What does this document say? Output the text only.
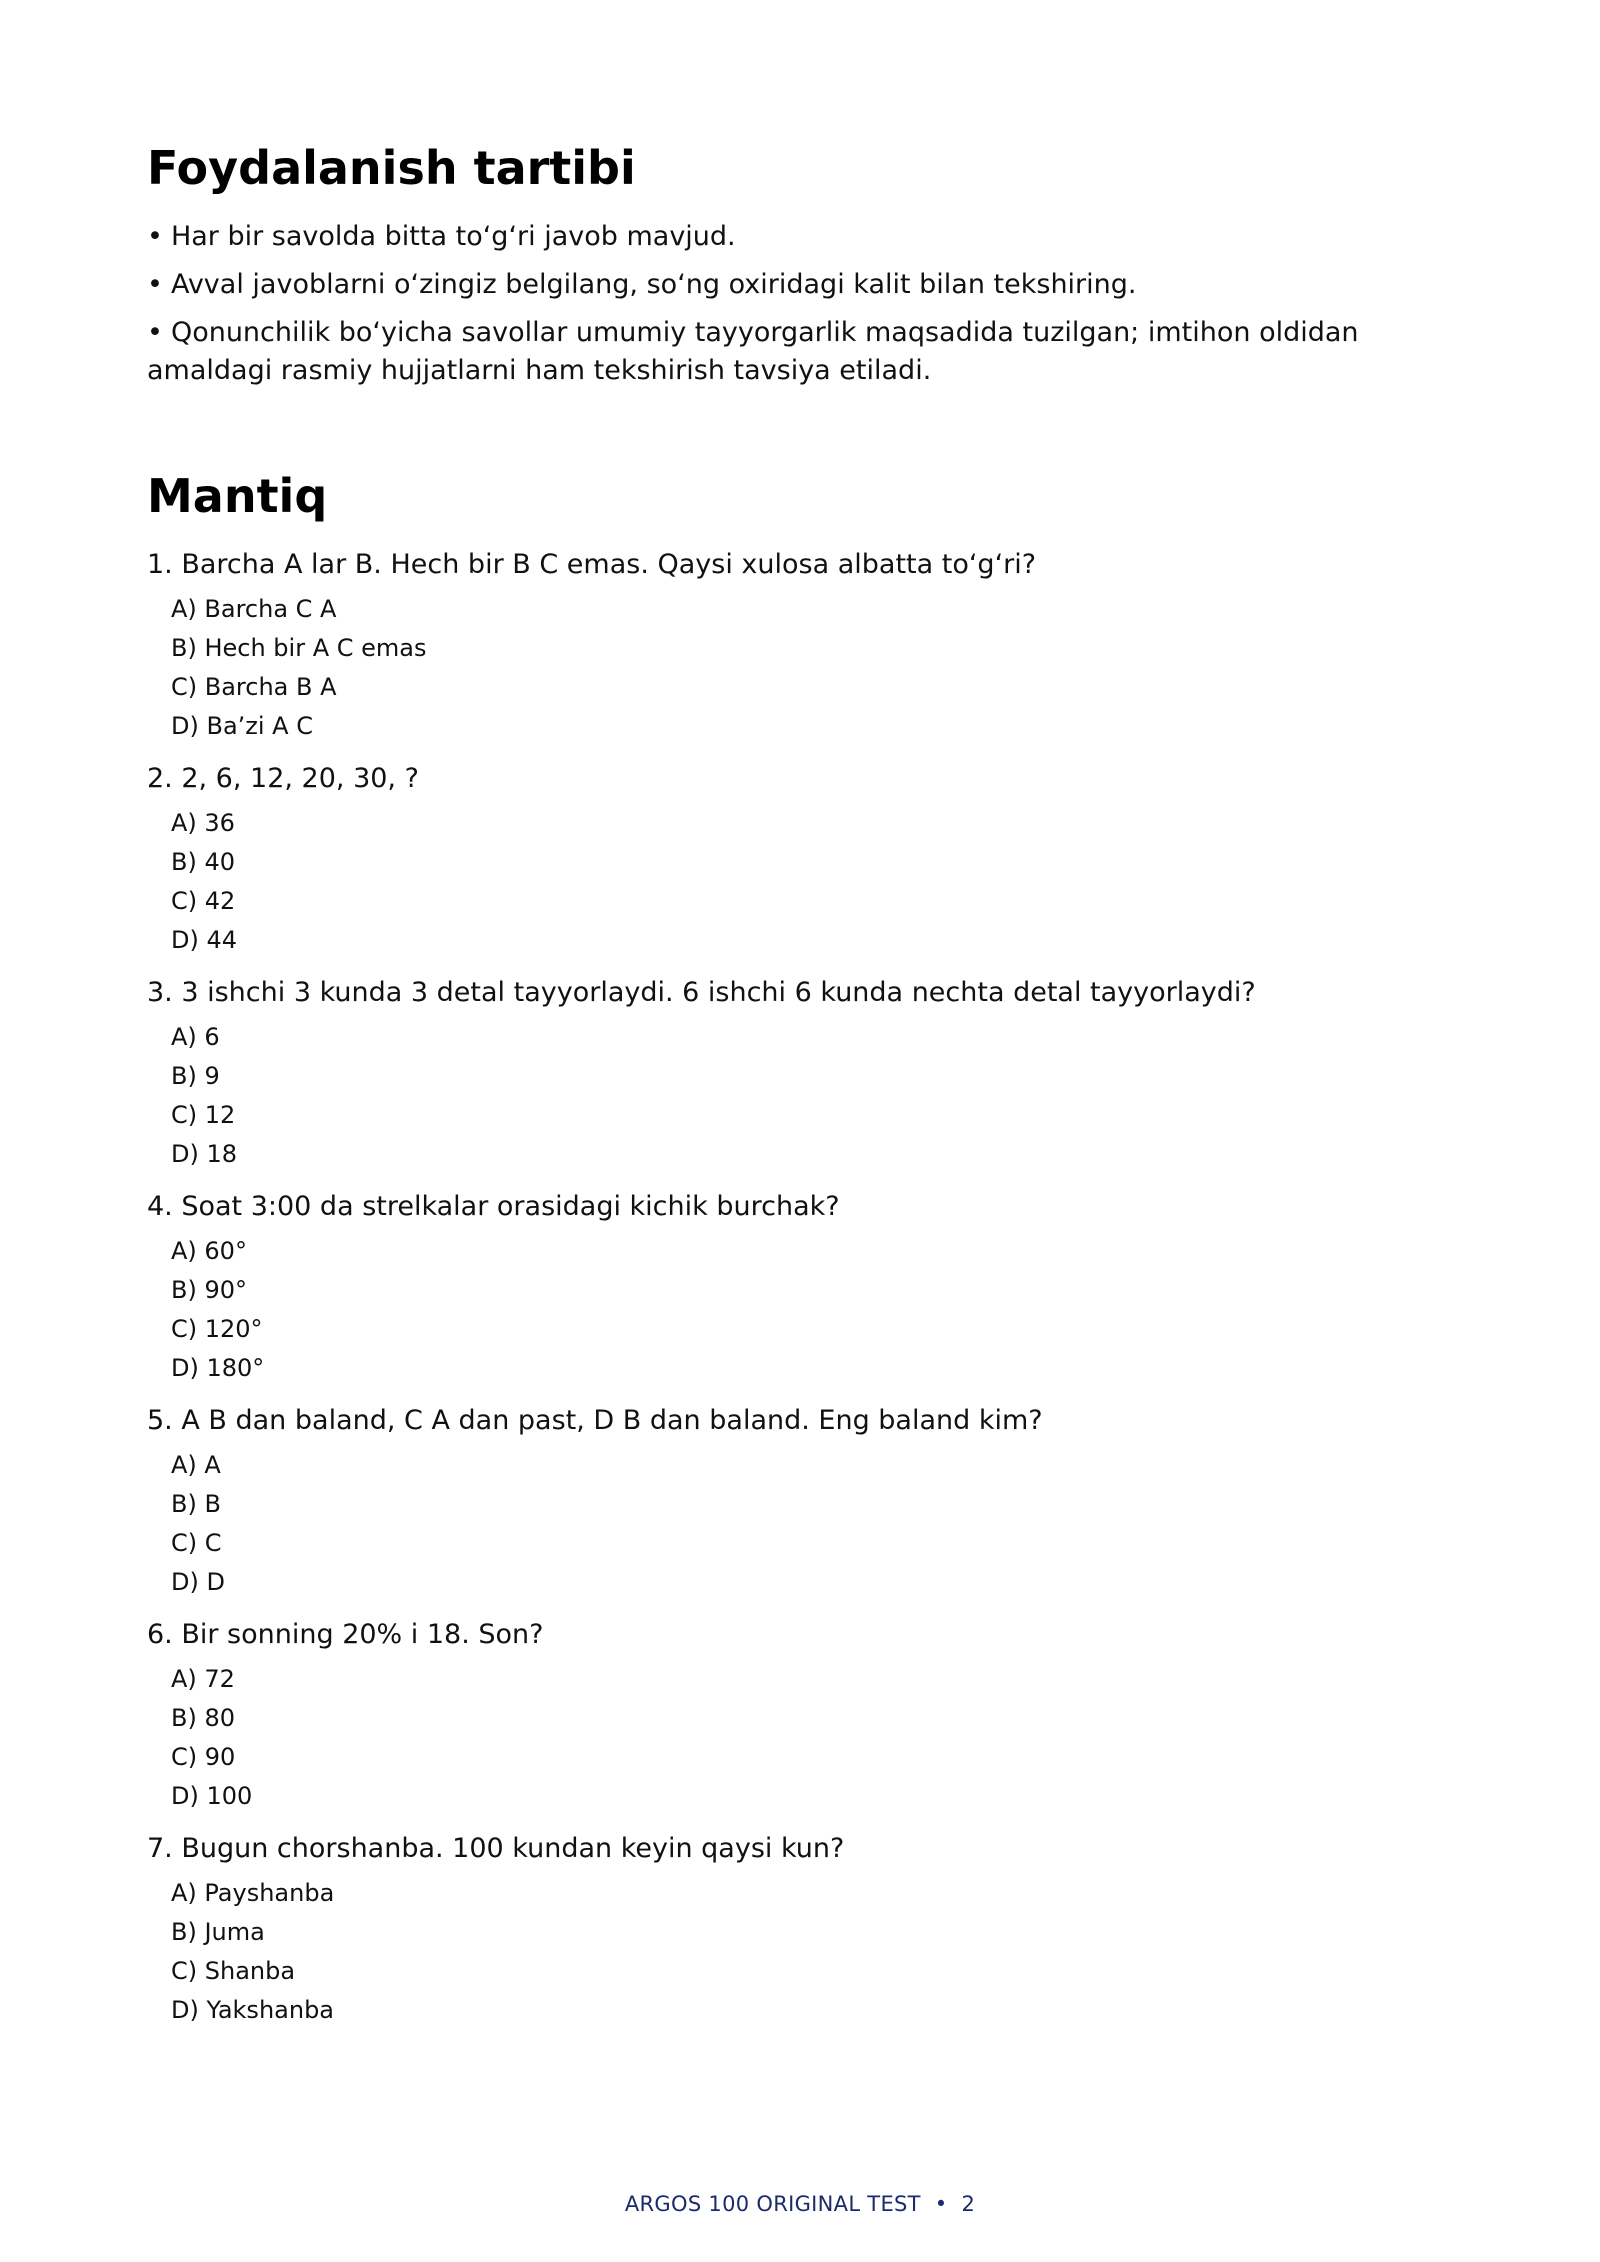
Foydalanish tartibi
• Har bir savolda bitta to‘g‘ri javob mavjud.
• Avval javoblarni o‘zingiz belgilang, so‘ng oxiridagi kalit bilan tekshiring.
• Qonunchilik bo‘yicha savollar umumiy tayyorgarlik maqsadida tuzilgan; imtihon oldidan amaldagi rasmiy hujjatlarni ham tekshirish tavsiya etiladi.
Mantiq
1. Barcha A lar B. Hech bir B C emas. Qaysi xulosa albatta to‘g‘ri?
A) Barcha C A
B) Hech bir A C emas
C) Barcha B A
D) Ba’zi A C
2. 2, 6, 12, 20, 30, ?
A) 36
B) 40
C) 42
D) 44
3. 3 ishchi 3 kunda 3 detal tayyorlaydi. 6 ishchi 6 kunda nechta detal tayyorlaydi?
A) 6
B) 9
C) 12
D) 18
4. Soat 3:00 da strelkalar orasidagi kichik burchak?
A) 60°
B) 90°
C) 120°
D) 180°
5. A B dan baland, C A dan past, D B dan baland. Eng baland kim?
A) A
B) B
C) C
D) D
6. Bir sonning 20% i 18. Son?
A) 72
B) 80
C) 90
D) 100
7. Bugun chorshanba. 100 kundan keyin qaysi kun?
A) Payshanba
B) Juma
C) Shanba
D) Yakshanba
ARGOS 100 ORIGINAL TEST • 2
